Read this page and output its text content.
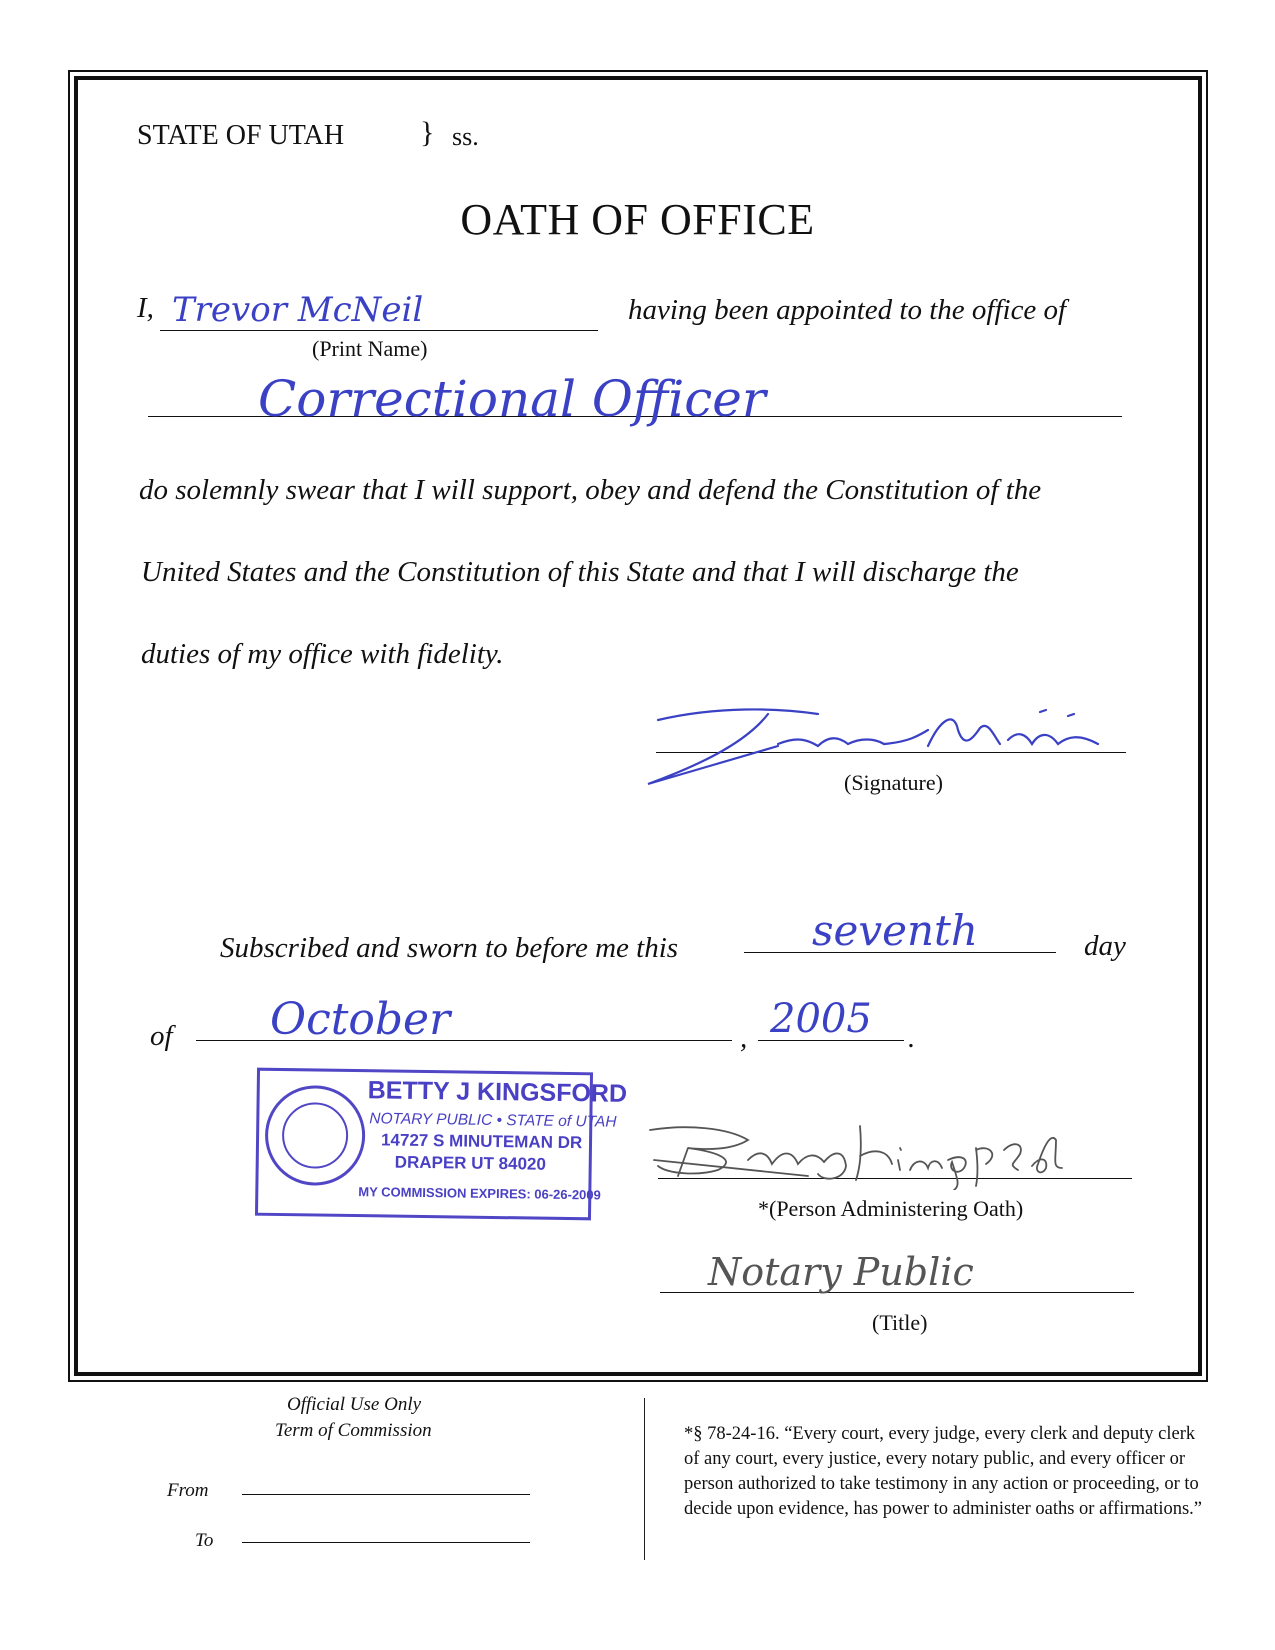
STATE OF UTAH	} ss.
OATH OF OFFICE
I, Trevor McNeil	having been appointed to the office of
(Print Name)
Correctional Officer
do solemnly swear that I will support, obey and defend the Constitution of the
United States and the Constitution of this State and that I will discharge the
duties of my office with fidelity.
(Signature)
Subscribed and sworn to before me this	seventh	day
of October	, 2005 .
BETTY J KINGSFORD
NOTARY PUBLIC • STATE of UTAH
14727 S MINUTEMAN DR
DRAPER UT 84020
MY COMMISSION EXPIRES: 06-26-2009
*(Person Administering Oath)
Notary Public
(Title)
Official Use Only
Term of Commission
From
To
*§ 78-24-16. “Every court, every judge, every clerk and deputy clerk of any court, every justice, every notary public, and every officer or person authorized to take testimony in any action or proceeding, or to decide upon evidence, has power to administer oaths or affirmations.”
